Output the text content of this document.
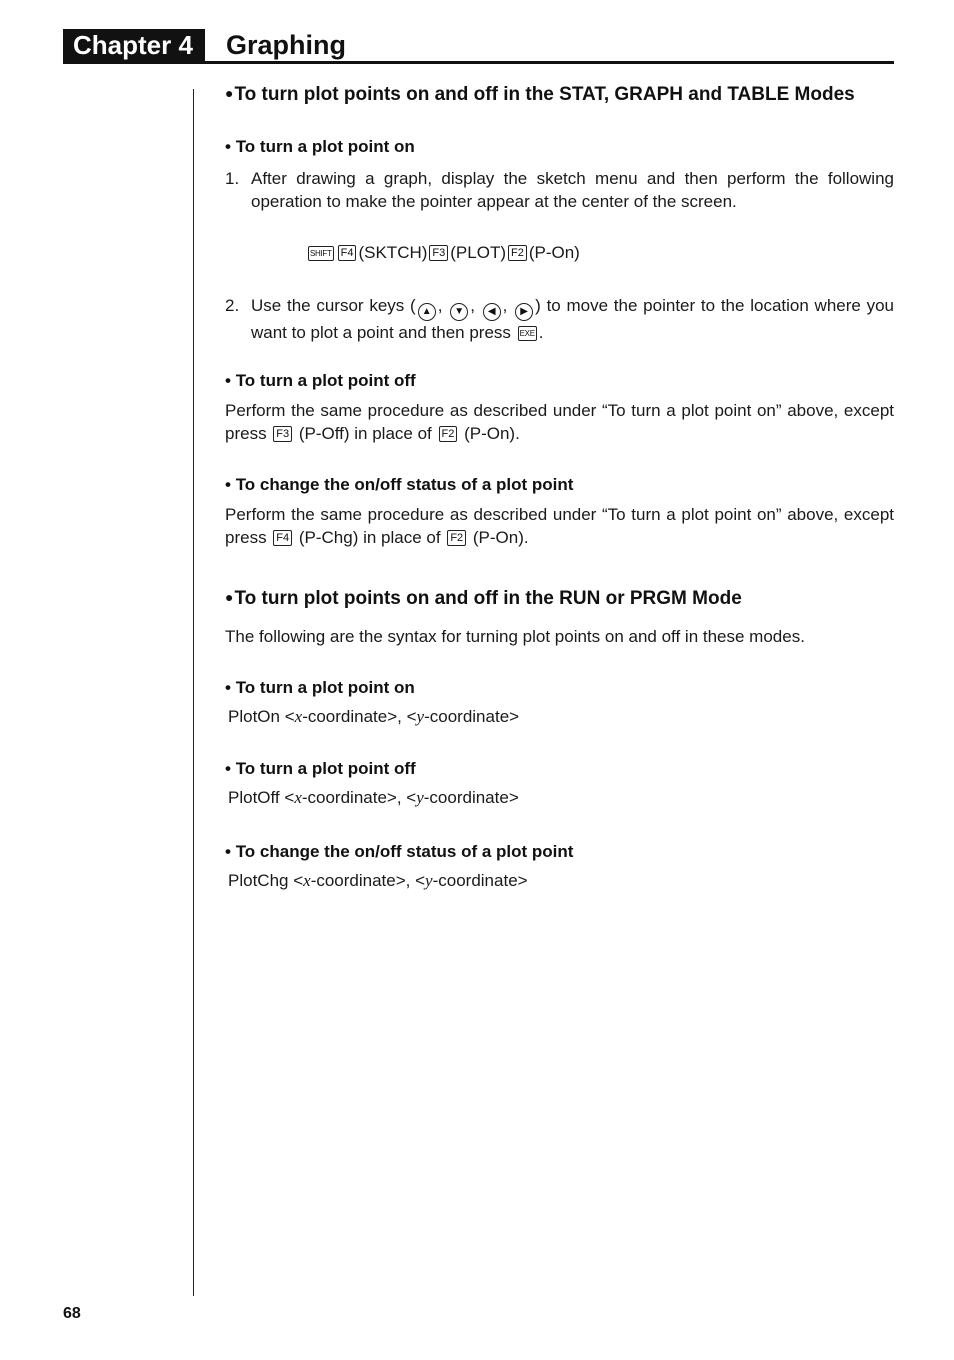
Chapter 4	Graphing
●To turn plot points on and off in the STAT, GRAPH and TABLE Modes
• To turn a plot point on
1. After drawing a graph, display the sketch menu and then perform the following operation to make the pointer appear at the center of the screen.
SHIFT F4 (SKTCH) F3 (PLOT) F2 (P-On)
2. Use the cursor keys ( ▲ , ▼ , ◀ , ▶ ) to move the pointer to the location where you want to plot a point and then press EXE .
• To turn a plot point off
Perform the same procedure as described under “To turn a plot point on” above, except press F3 (P-Off) in place of F2 (P-On).
• To change the on/off status of a plot point
Perform the same procedure as described under “To turn a plot point on” above, except press F4 (P-Chg) in place of F2 (P-On).
●To turn plot points on and off in the RUN or PRGM Mode
The following are the syntax for turning plot points on and off in these modes.
• To turn a plot point on
PlotOn <x-coordinate>, <y-coordinate>
• To turn a plot point off
PlotOff <x-coordinate>, <y-coordinate>
• To change the on/off status of a plot point
PlotChg <x-coordinate>, <y-coordinate>
68
